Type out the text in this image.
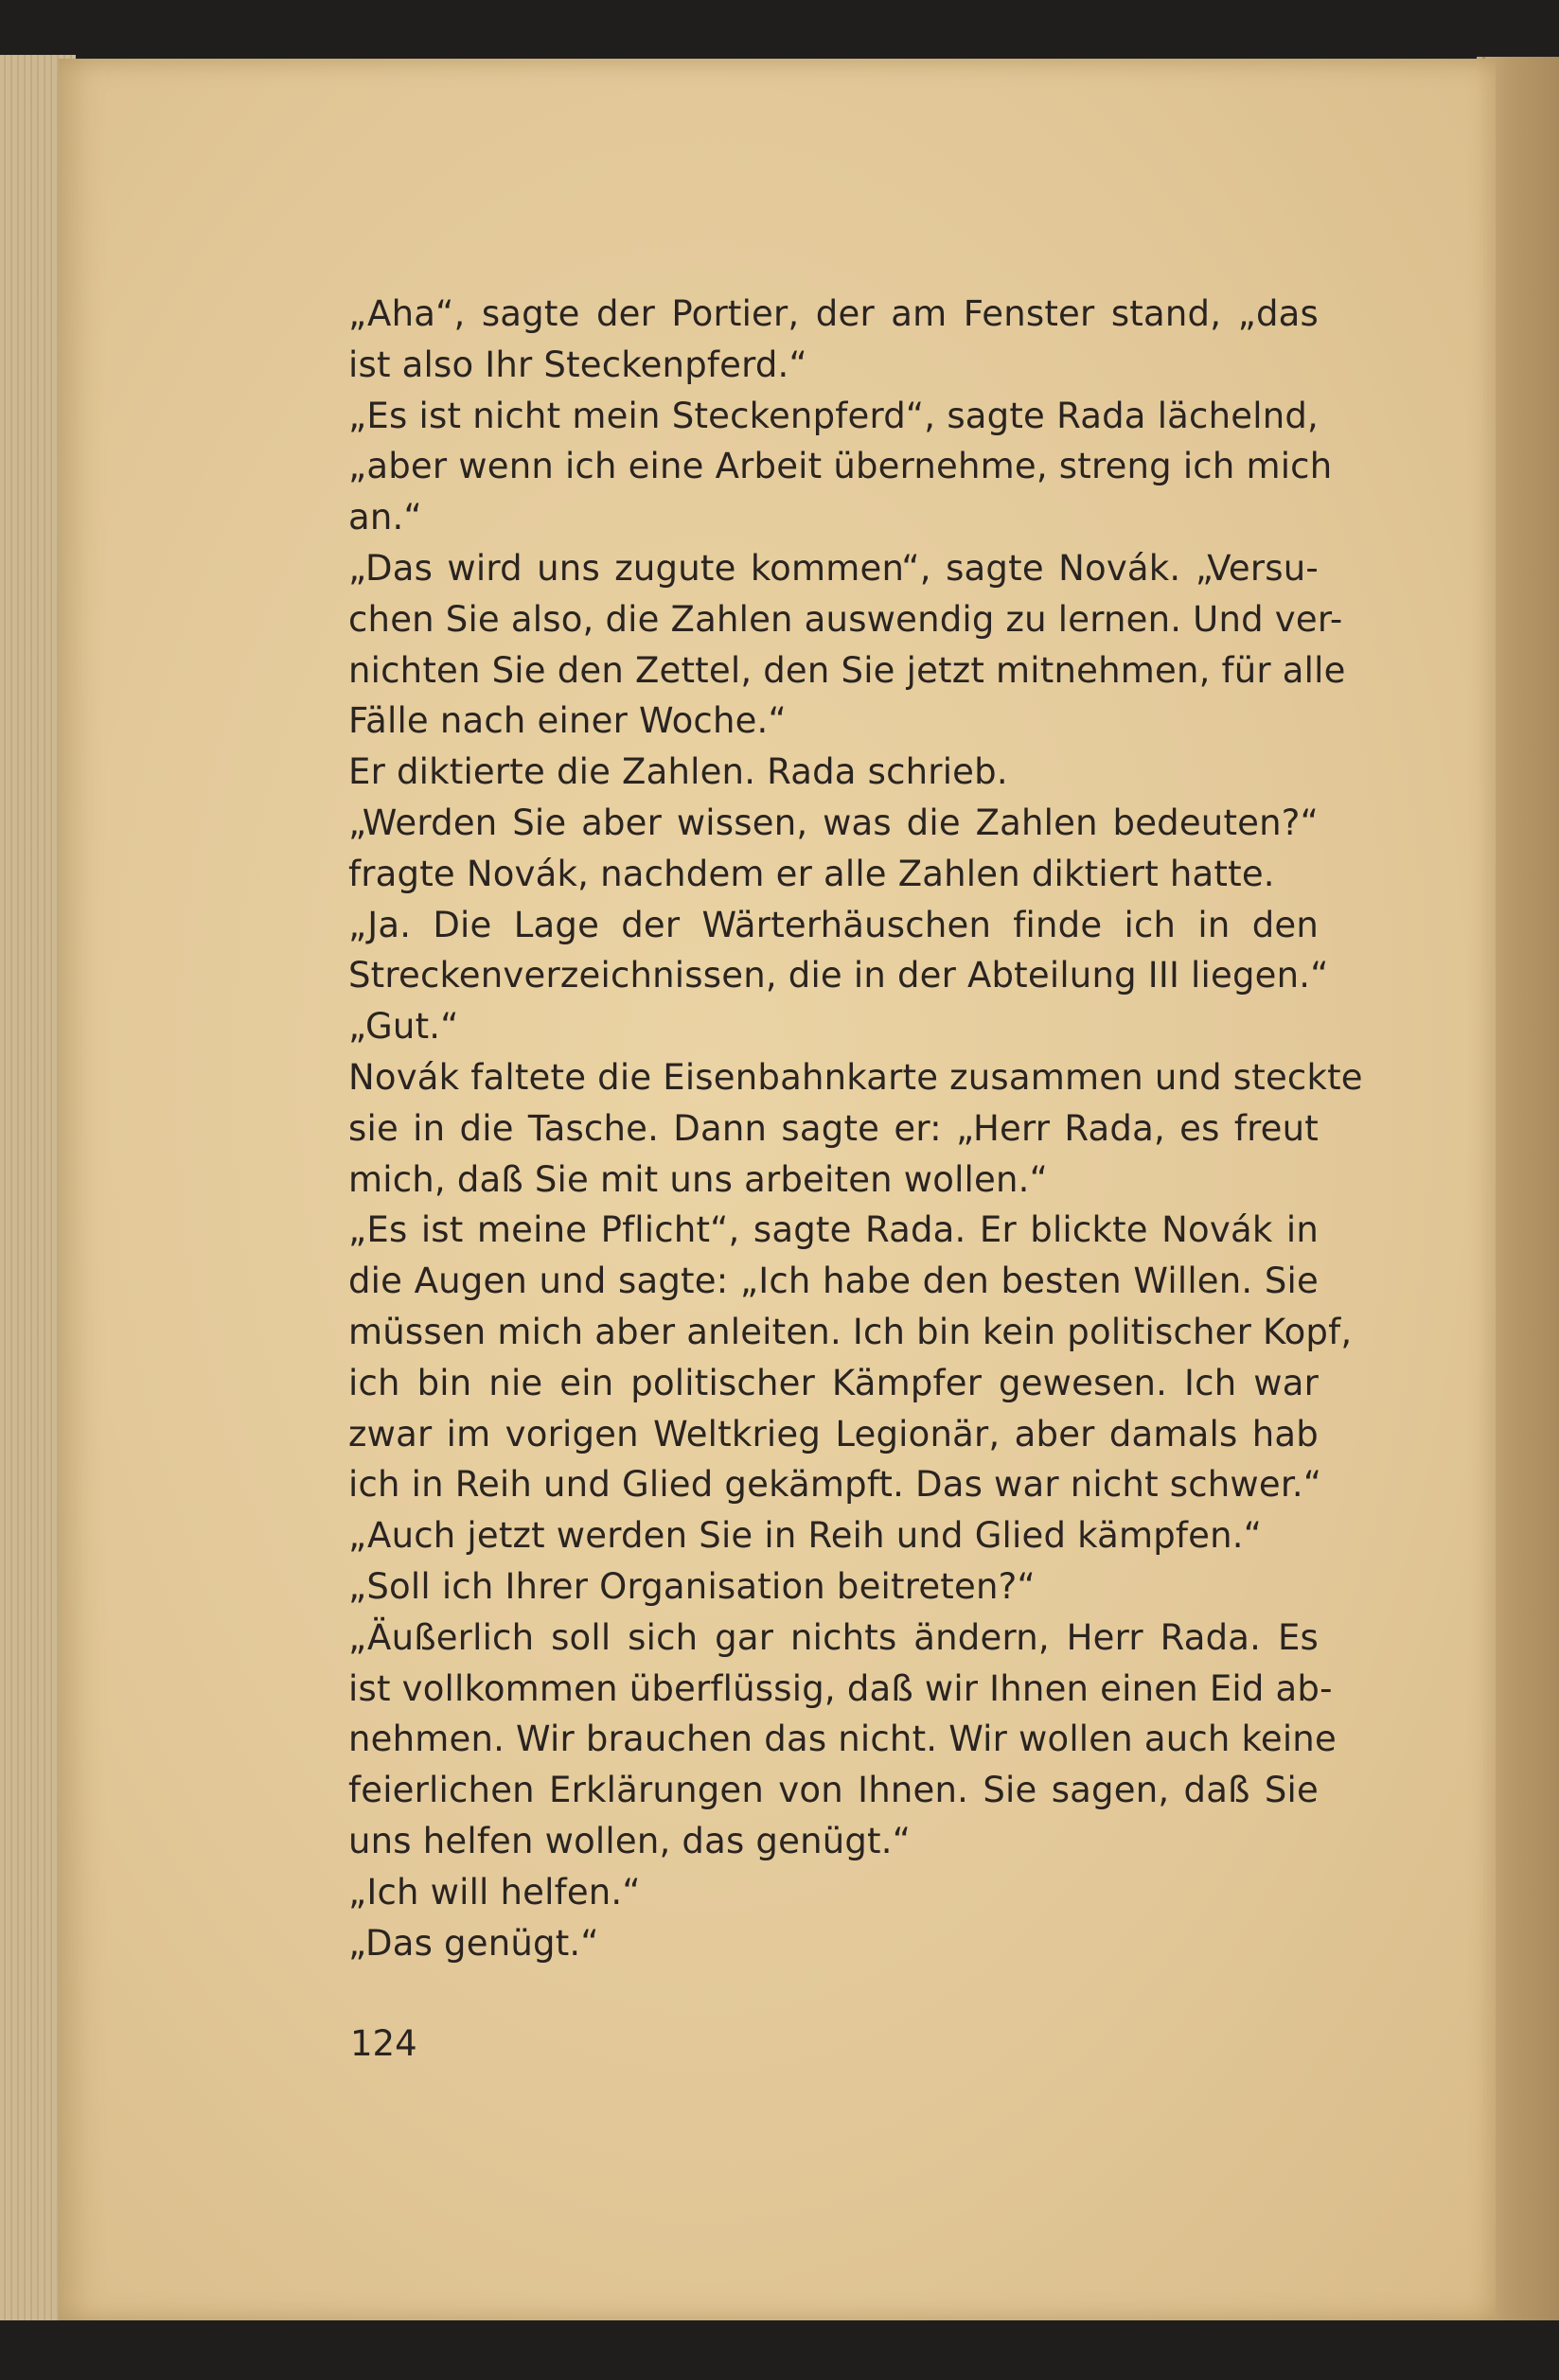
„Aha“, sagte der Portier, der am Fenster stand, „das
ist also Ihr Steckenpferd.“
„Es ist nicht mein Steckenpferd“, sagte Rada lächelnd,
„aber wenn ich eine Arbeit übernehme, streng ich mich
an.“
„Das wird uns zugute kommen“, sagte Novák. „Versu-
chen Sie also, die Zahlen auswendig zu lernen. Und ver-
nichten Sie den Zettel, den Sie jetzt mitnehmen, für alle
Fälle nach einer Woche.“
Er diktierte die Zahlen. Rada schrieb.
„Werden Sie aber wissen, was die Zahlen bedeuten?“
fragte Novák, nachdem er alle Zahlen diktiert hatte.
„Ja. Die Lage der Wärterhäuschen finde ich in den
Streckenverzeichnissen, die in der Abteilung III liegen.“
„Gut.“
Novák faltete die Eisenbahnkarte zusammen und steckte
sie in die Tasche. Dann sagte er: „Herr Rada, es freut
mich, daß Sie mit uns arbeiten wollen.“
„Es ist meine Pflicht“, sagte Rada. Er blickte Novák in
die Augen und sagte: „Ich habe den besten Willen. Sie
müssen mich aber anleiten. Ich bin kein politischer Kopf,
ich bin nie ein politischer Kämpfer gewesen. Ich war
zwar im vorigen Weltkrieg Legionär, aber damals hab
ich in Reih und Glied gekämpft. Das war nicht schwer.“
„Auch jetzt werden Sie in Reih und Glied kämpfen.“
„Soll ich Ihrer Organisation beitreten?“
„Äußerlich soll sich gar nichts ändern, Herr Rada. Es
ist vollkommen überflüssig, daß wir Ihnen einen Eid ab-
nehmen. Wir brauchen das nicht. Wir wollen auch keine
feierlichen Erklärungen von Ihnen. Sie sagen, daß Sie
uns helfen wollen, das genügt.“
„Ich will helfen.“
„Das genügt.“
124
